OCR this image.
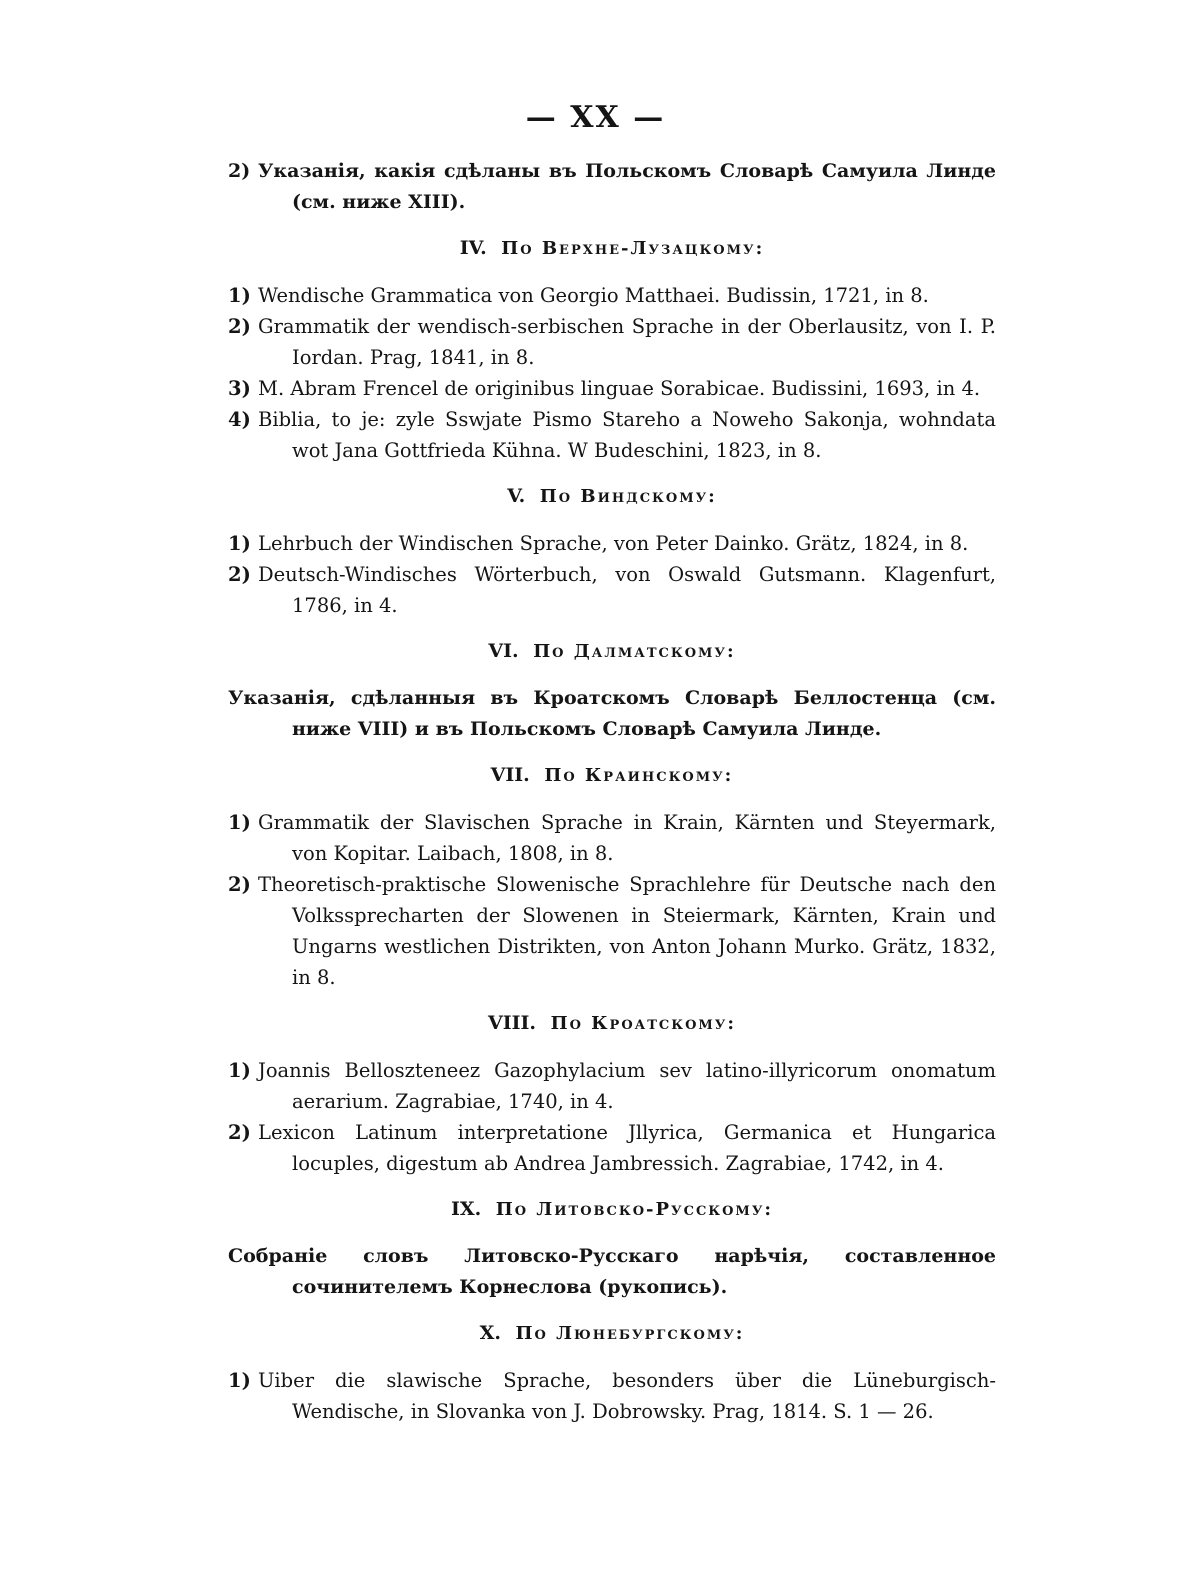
— XX —

2) Указанія, какія сдѣланы въ Польскомъ Словарѣ Самуила Линде (см. ниже XIII).

IV. По Верхне-Лузацкому:

1) Wendische Grammatica von Georgio Matthaei. Budissin, 1721, in 8.

2) Grammatik der wendisch-serbischen Sprache in der Oberlausitz, von I. P. Iordan. Prag, 1841, in 8.

3) M. Abram Frencel de originibus linguae Sorabicae. Budissini, 1693, in 4.

4) Biblia, to je: zyle Sswjate Pismo Stareho a Noweho Sakonja, wohndata wot Jana Gottfrieda Kühna. W Budeschini, 1823, in 8.

V. По Виндскому:

1) Lehrbuch der Windischen Sprache, von Peter Dainko. Grätz, 1824, in 8.

2) Deutsch-Windisches Wörterbuch, von Oswald Gutsmann. Klagenfurt, 1786, in 4.

VI. По Далматскому:

Указанія, сдѣланныя въ Кроатскомъ Словарѣ Беллостенца (см. ниже VIII) и въ Польскомъ Словарѣ Самуила Линде.

VII. По Краинскому:

1) Grammatik der Slavischen Sprache in Krain, Kärnten und Steyermark, von Kopitar. Laibach, 1808, in 8.

2) Theoretisch-praktische Slowenische Sprachlehre für Deutsche nach den Volkssprecharten der Slowenen in Steiermark, Kärnten, Krain und Ungarns westlichen Distrikten, von Anton Johann Murko. Grätz, 1832, in 8.

VIII. По Кроатскому:

1) Joannis Belloszteneez Gazophylacium sev latino-illyricorum onomatum aerarium. Zagrabiae, 1740, in 4.

2) Lexicon Latinum interpretatione Jllyrica, Germanica et Hungarica locuples, digestum ab Andrea Jambressich. Zagrabiae, 1742, in 4.

IX. По Литовско-Русскому:

Собраніе словъ Литовско-Русскаго нарѣчія, составленное сочинителемъ Корнеслова (рукопись).

X. По Люнебургскому:

1) Uiber die slawische Sprache, besonders über die Lüneburgisch-Wendische, in Slovanka von J. Dobrowsky. Prag, 1814. S. 1 — 26.
